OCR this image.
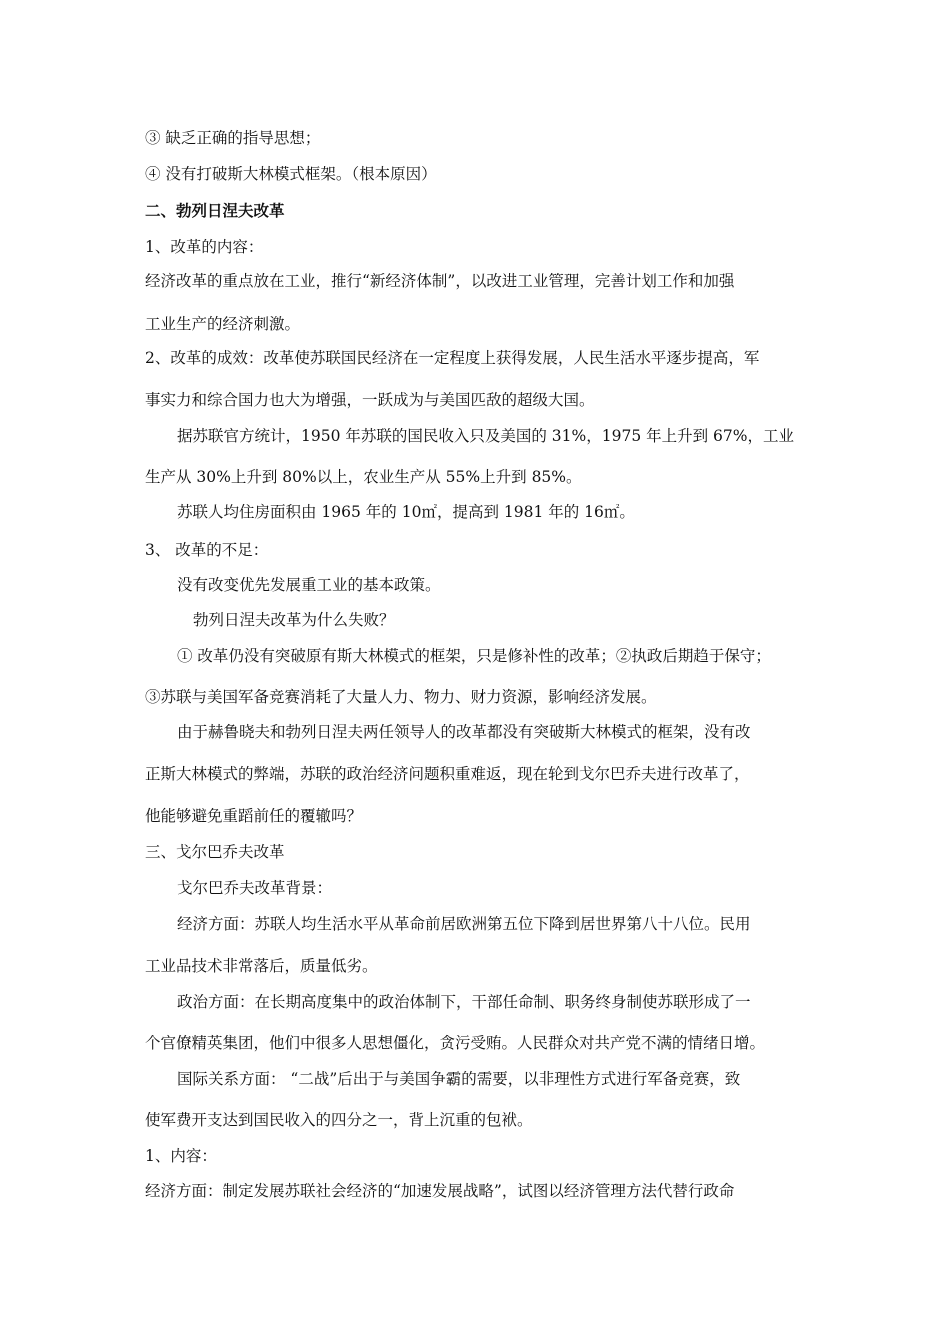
③ 缺乏正确的指导思想；
④ 没有打破斯大林模式框架。（根本原因）
二、勃列日涅夫改革
1、改革的内容：
经济改革的重点放在工业，推行“新经济体制”，以改进工业管理，完善计划工作和加强
工业生产的经济刺激。
2、改革的成效：改革使苏联国民经济在一定程度上获得发展，人民生活水平逐步提高，军
事实力和综合国力也大为增强，一跃成为与美国匹敌的超级大国。
据苏联官方统计，1950 年苏联的国民收入只及美国的 31%，1975 年上升到 67%，工业
生产从 30%上升到 80%以上，农业生产从 55%上升到 85%。
苏联人均住房面积由 1965 年的 10㎡，提高到 1981 年的 16㎡。
3、 改革的不足：
没有改变优先发展重工业的基本政策。
勃列日涅夫改革为什么失败？
① 改革仍没有突破原有斯大林模式的框架，只是修补性的改革；②执政后期趋于保守；
③苏联与美国军备竞赛消耗了大量人力、物力、财力资源，影响经济发展。
由于赫鲁晓夫和勃列日涅夫两任领导人的改革都没有突破斯大林模式的框架，没有改
正斯大林模式的弊端，苏联的政治经济问题积重难返，现在轮到戈尔巴乔夫进行改革了，
他能够避免重蹈前任的覆辙吗？
三、戈尔巴乔夫改革
戈尔巴乔夫改革背景：
经济方面：苏联人均生活水平从革命前居欧洲第五位下降到居世界第八十八位。民用
工业品技术非常落后，质量低劣。
政治方面：在长期高度集中的政治体制下，干部任命制、职务终身制使苏联形成了一
个官僚精英集团，他们中很多人思想僵化，贪污受贿。人民群众对共产党不满的情绪日增。
国际关系方面： “二战”后出于与美国争霸的需要，以非理性方式进行军备竞赛，致
使军费开支达到国民收入的四分之一，背上沉重的包袱。
1、内容：
经济方面：制定发展苏联社会经济的“加速发展战略”，试图以经济管理方法代替行政命
